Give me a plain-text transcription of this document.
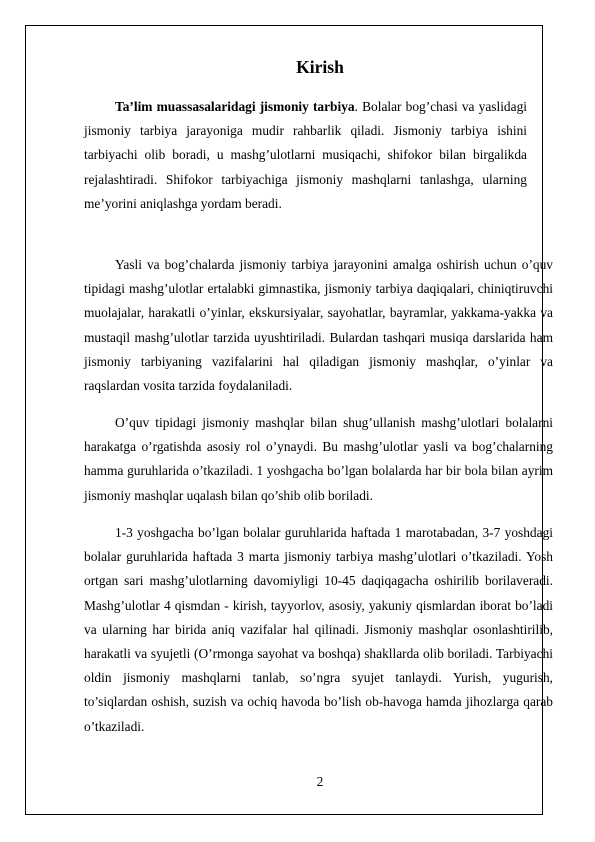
Kirish

Ta’lim muassasalaridagi jismoniy tarbiya. Bolalar bog’chasi va yaslidagi jismoniy tarbiya jarayoniga mudir rahbarlik qiladi. Jismoniy tarbiya ishini tarbiyachi olib boradi, u mashg’ulotlarni musiqachi, shifokor bilan birgalikda rejalashtiradi. Shifokor tarbiyachiga jismoniy mashqlarni tanlashga, ularning me’yorini aniqlashga yordam beradi.

Yasli va bog’chalarda jismoniy tarbiya jarayonini amalga oshirish uchun o’quv tipidagi mashg’ulotlar ertalabki gimnastika, jismoniy tarbiya daqiqalari, chiniqtiruvchi muolajalar, harakatli o’yinlar, ekskursiyalar, sayohatlar, bayramlar, yakkama-yakka va mustaqil mashg’ulotlar tarzida uyushtiriladi. Bulardan tashqari musiqa darslarida ham jismoniy tarbiyaning vazifalarini hal qiladigan jismoniy mashqlar, o’yinlar va raqslardan vosita tarzida foydalaniladi.

O’quv tipidagi jismoniy mashqlar bilan shug’ullanish mashg’ulotlari bolalarni harakatga o’rgatishda asosiy rol o’ynaydi. Bu mashg’ulotlar yasli va bog’chalarning hamma guruhlarida o’tkaziladi. 1 yoshgacha bo’lgan bolalarda har bir bola bilan ayrim jismoniy mashqlar uqalash bilan qo’shib olib boriladi.

1-3 yoshgacha bo’lgan bolalar guruhlarida haftada 1 marotabadan, 3-7 yoshdagi bolalar guruhlarida haftada 3 marta jismoniy tarbiya mashg’ulotlari o’tkaziladi. Yosh ortgan sari mashg’ulotlarning davomiyligi 10-45 daqiqagacha oshirilib borilaveradi. Mashg’ulotlar 4 qismdan - kirish, tayyorlov, asosiy, yakuniy qismlardan iborat bo’ladi va ularning har birida aniq vazifalar hal qilinadi. Jismoniy mashqlar osonlashtirilib, harakatli va syujetli (O’rmonga sayohat va boshqa) shakllarda olib boriladi. Tarbiyachi oldin jismoniy mashqlarni tanlab, so’ngra syujet tanlaydi. Yurish, yugurish, to’siqlardan oshish, suzish va ochiq havoda bo’lish ob-havoga hamda jihozlarga qarab o’tkaziladi.

2
